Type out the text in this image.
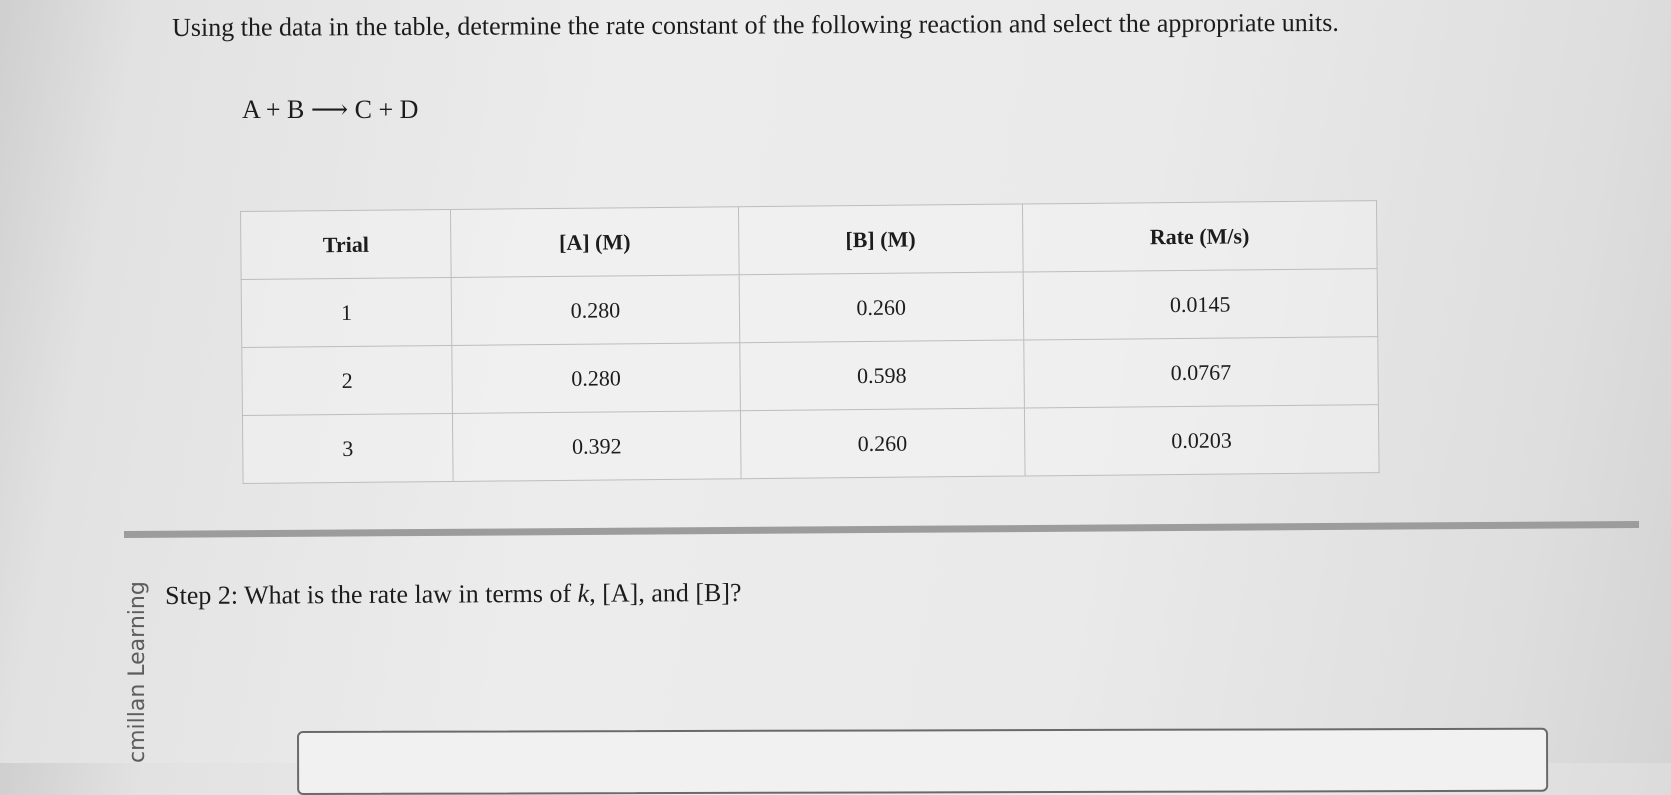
Using the data in the table, determine the rate constant of the following reaction and select the appropriate units.
A + B ⟶ C + D
Trial	[A] (M)	[B] (M)	Rate (M/s)
1	0.280	0.260	0.0145
2	0.280	0.598	0.0767
3	0.392	0.260	0.0203
cmillan Learning Step 2: What is the rate law in terms of k, [A], and [B]?
